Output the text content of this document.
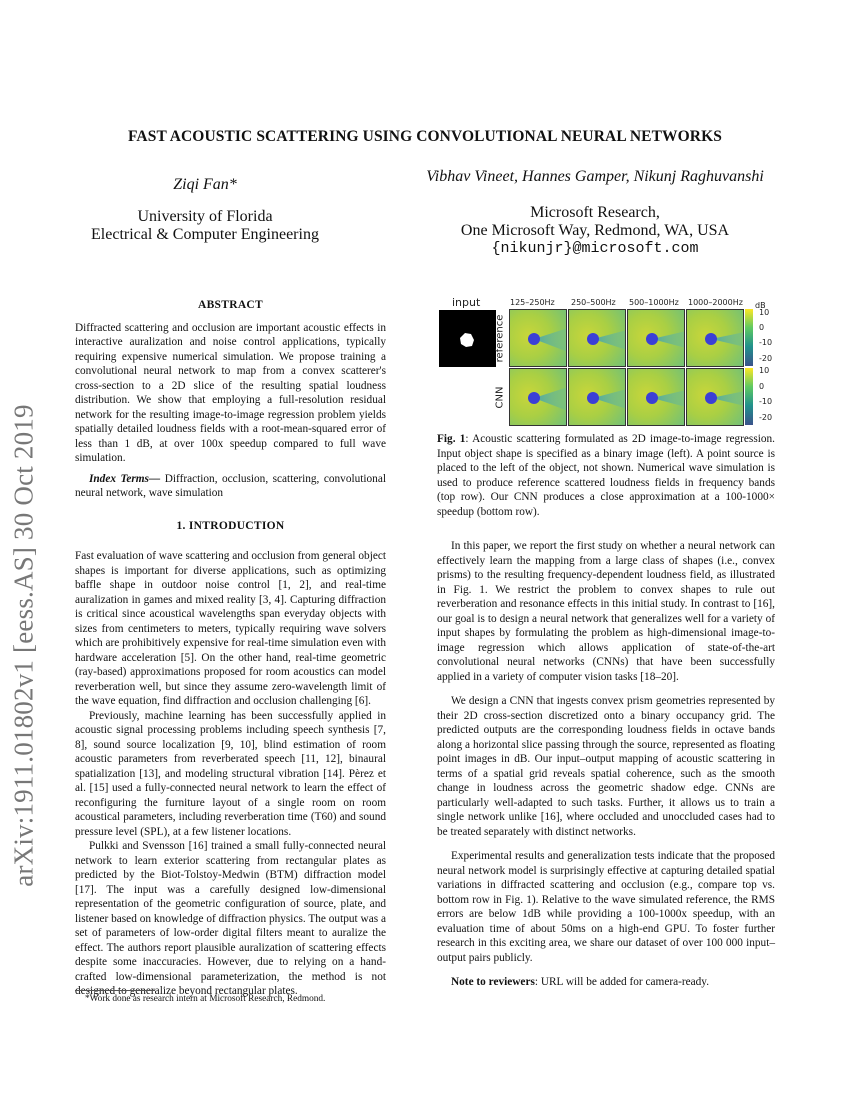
arXiv:1911.01802v1 [eess.AS] 30 Oct 2019
FAST ACOUSTIC SCATTERING USING CONVOLUTIONAL NEURAL NETWORKS
Ziqi Fan*
University of Florida
Electrical & Computer Engineering
Vibhav Vineet, Hannes Gamper, Nikunj Raghuvanshi
Microsoft Research,
One Microsoft Way, Redmond, WA, USA
{nikunjr}@microsoft.com
ABSTRACT

Diffracted scattering and occlusion are important acoustic effects in interactive auralization and noise control applications, typically requiring expensive numerical simulation. We propose training a convolutional neural network to map from a convex scatterer's cross-section to a 2D slice of the resulting spatial loudness distribution. We show that employing a full-resolution residual network for the resulting image-to-image regression problem yields spatially detailed loudness fields with a root-mean-squared error of less than 1 dB, at over 100x speedup compared to full wave simulation.

Index Terms— Diffraction, occlusion, scattering, convolutional neural network, wave simulation

1. INTRODUCTION

Fast evaluation of wave scattering and occlusion from general object shapes is important for diverse applications, such as optimizing baffle shape in outdoor noise control [1, 2], and real-time auralization in games and mixed reality [3, 4]. Capturing diffraction is critical since acoustical wavelengths span everyday objects with sizes from centimeters to meters, typically requiring wave solvers which are prohibitively expensive for real-time simulation even with hardware acceleration [5]. On the other hand, real-time geometric (ray-based) approximations proposed for room acoustics can model reverberation well, but since they assume zero-wavelength limit of the wave equation, find diffraction and occlusion challenging [6].

Previously, machine learning has been successfully applied in acoustic signal processing problems including speech synthesis [7, 8], sound source localization [9, 10], blind estimation of room acoustic parameters from reverberated speech [11, 12], binaural spatialization [13], and modeling structural vibration [14]. Pèrez et al. [15] used a fully-connected neural network to learn the effect of reconfiguring the furniture layout of a single room on room acoustical parameters, including reverberation time (T60) and sound pressure level (SPL), at a few listener locations.

Pulkki and Svensson [16] trained a small fully-connected neural network to learn exterior scattering from rectangular plates as predicted by the Biot-Tolstoy-Medwin (BTM) diffraction model [17]. The input was a carefully designed low-dimensional representation of the geometric configuration of source, plate, and listener based on knowledge of diffraction physics. The output was a set of parameters of low-order digital filters meant to auralize the effect. The authors report plausible auralization of scattering effects despite some inaccuracies. However, due to relying on a hand-crafted low-dimensional parameterization, the method is not designed to generalize beyond rectangular plates.

*Work done as research intern at Microsoft Research, Redmond.
input	125–250Hz 250–500Hz 500–1000Hz 1000–2000Hz
reference
CNN
dB
10
0
-10
-20
10
0
-10
-20

Fig. 1: Acoustic scattering formulated as 2D image-to-image regression. Input object shape is specified as a binary image (left). A point source is placed to the left of the object, not shown. Numerical wave simulation is used to produce reference scattered loudness fields in frequency bands (top row). Our CNN produces a close approximation at a 100-1000× speedup (bottom row).

In this paper, we report the first study on whether a neural network can effectively learn the mapping from a large class of shapes (i.e., convex prisms) to the resulting frequency-dependent loudness field, as illustrated in Fig. 1. We restrict the problem to convex shapes to rule out reverberation and resonance effects in this initial study. In contrast to [16], our goal is to design a neural network that generalizes well for a variety of input shapes by formulating the problem as high-dimensional image-to-image regression which allows application of state-of-the-art convolutional neural networks (CNNs) that have been successfully applied in a variety of computer vision tasks [18–20].

We design a CNN that ingests convex prism geometries represented by their 2D cross-section discretized onto a binary occupancy grid. The predicted outputs are the corresponding loudness fields in octave bands along a horizontal slice passing through the source, represented as floating point images in dB. Our input–output mapping of acoustic scattering in terms of a spatial grid reveals spatial coherence, such as the smooth change in loudness across the geometric shadow edge. CNNs are particularly well-adapted to such tasks. Further, it allows us to train a single network unlike [16], where occluded and unoccluded cases had to be treated separately with distinct networks.

Experimental results and generalization tests indicate that the proposed neural network model is surprisingly effective at capturing detailed spatial variations in diffracted scattering and occlusion (e.g., compare top vs. bottom row in Fig. 1). Relative to the wave simulated reference, the RMS errors are below 1dB while providing a 100-1000x speedup, with an evaluation time of about 50ms on a high-end GPU. To foster further research in this exciting area, we share our dataset of over 100 000 input–output pairs publicly.

Note to reviewers: URL will be added for camera-ready.
